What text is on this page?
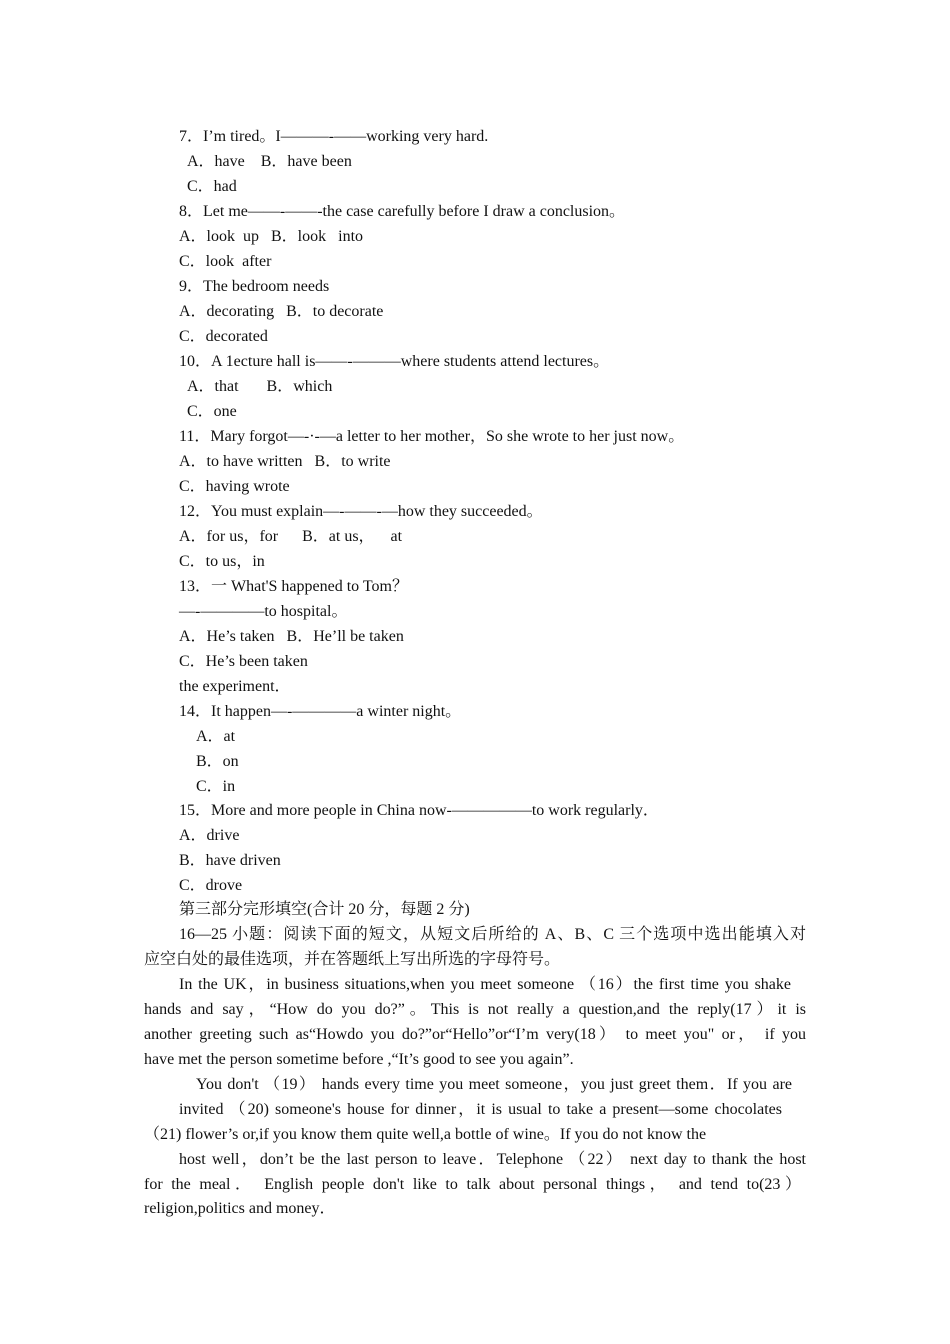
7．I’m tired。I———-——working very hard.
A．have    B．have been
C．had
8．Let me——-——-the case carefully before I draw a conclusion。
A．look  up   B．look   into
C．look  after
9．The bedroom needs
A．decorating   B．to decorate
C．decorated
10．A 1ecture hall is——-———where students attend lectures。
A．that       B．which
C．one
11．Mary forgot—-·-—a letter to her mother，So she wrote to her just now。
A．to have written   B．to write
C．having wrote
12．You must explain—-——-—how they succeeded。
A．for us，for      B．at us，    at
C．to us，in
13．一 What'S happened to Tom？
—-————to hospital。
A．He’s taken   B．He’ll be taken
C．He’s been taken
the experiment．
14．It happen—-————a winter night。
A．at
B．on
C．in
15．More and more people in China now-—————to work regularly．
A．drive
B．have driven
C．drove
第三部分完形填空(合计 20 分，每题 2 分)
16—25 小题：阅读下面的短文，从短文后所给的 A、B、C 三个选项中选出能填入对
应空白处的最佳选项，并在答题纸上写出所选的字母符号。
In the UK，in business situations,when you meet someone （16）the first time you shake
hands and say，“How do you do?”。This is not really a question,and the reply(17）it is
another greeting such as“Howdo you do?”or“Hello”or“I’m very(18） to meet you" or， if you
have met the person sometime before ,“It’s good to see you again”.
You don't （19） hands every time you meet someone，you just greet them．If you are
invited （20) someone's house for dinner，it is usual to take a present—some chocolates
（21) flower’s or,if you know them quite well,a bottle of wine。If you do not know the
host well，don’t be the last person to leave．Telephone （22） next day to thank the host
for the meal． English people don't like to talk about personal things， and tend to(23）
religion,politics and money．
